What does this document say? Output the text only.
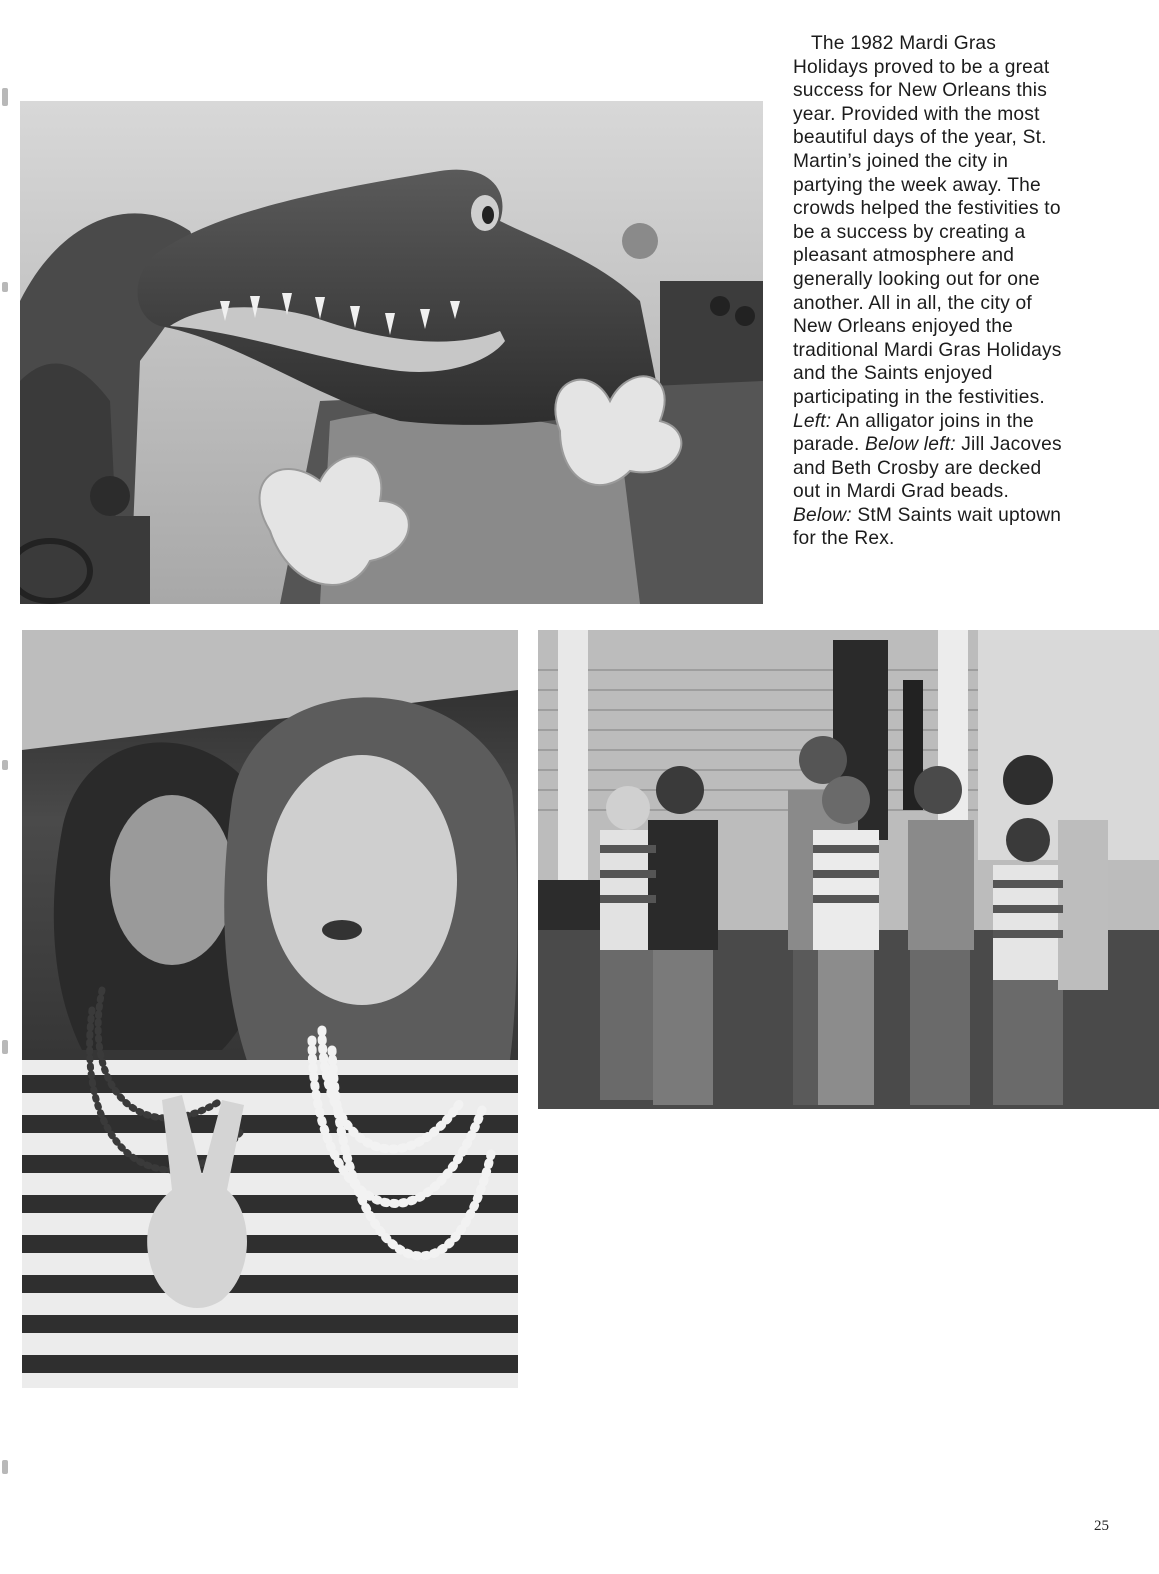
The 1982 Mardi Gras Holidays proved to be a great success for New Orleans this year. Provided with the most beautiful days of the year, St. Martin’s joined the city in partying the week away. The crowds helped the festivities to be a success by creating a pleasant atmosphere and generally looking out for one another. All in all, the city of New Orleans enjoyed the traditional Mardi Gras Holidays and the Saints enjoyed participating in the festivities. Left: An alligator joins in the parade. Below left: Jill Jacoves and Beth Crosby are decked out in Mardi Grad beads. Below: StM Saints wait uptown for the Rex.

25
